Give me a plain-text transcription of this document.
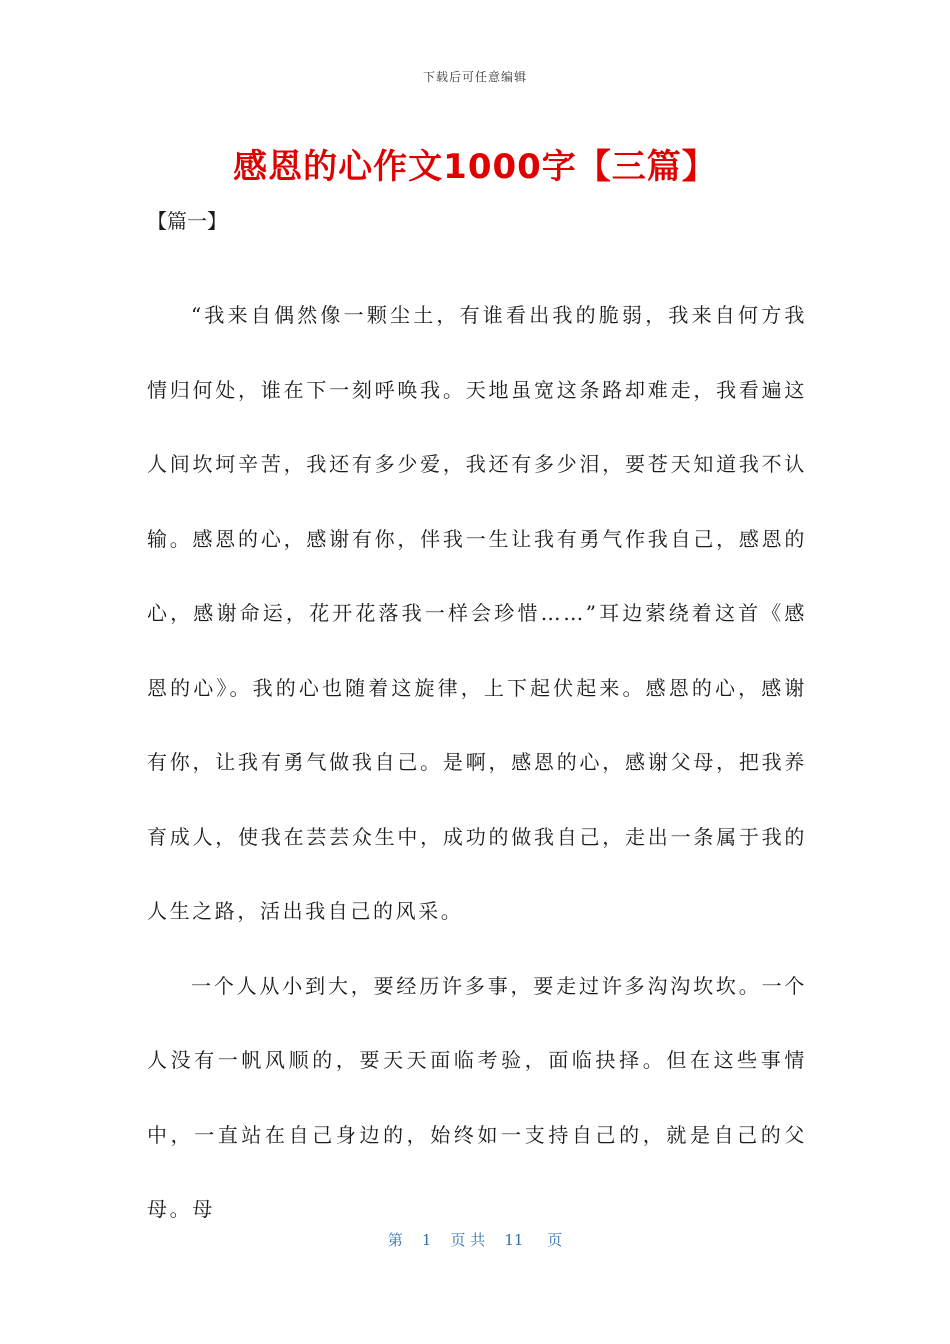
下载后可任意编辑
感恩的心作文1000字【三篇】
【篇一】

“我来自偶然像一颗尘土，有谁看出我的脆弱，我来自何方我情归何处，谁在下一刻呼唤我。天地虽宽这条路却难走，我看遍这人间坎坷辛苦，我还有多少爱，我还有多少泪，要苍天知道我不认输。感恩的心，感谢有你，伴我一生让我有勇气作我自己，感恩的心，感谢命运，花开花落我一样会珍惜……”耳边萦绕着这首《感恩的心》。我的心也随着这旋律，上下起伏起来。感恩的心，感谢有你，让我有勇气做我自己。是啊，感恩的心，感谢父母，把我养育成人，使我在芸芸众生中，成功的做我自己，走出一条属于我的人生之路，活出我自己的风采。

一个人从小到大，要经历许多事，要走过许多沟沟坎坎。一个人没有一帆风顺的，要天天面临考验，面临抉择。但在这些事情中，一直站在自己身边的，始终如一支持自己的，就是自己的父母。母

第 1 页 共 11 页
